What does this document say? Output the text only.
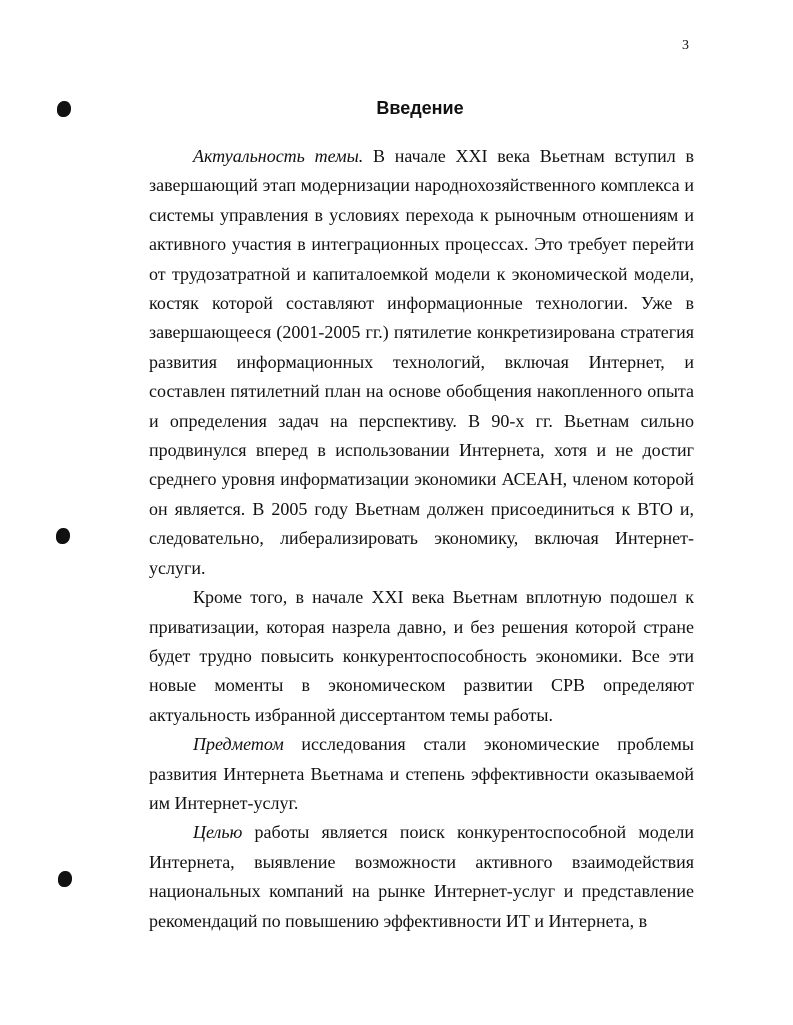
3
Введение

Актуальность темы. В начале XXI века Вьетнам вступил в завершающий этап модернизации народнохозяйственного комплекса и системы управления в условиях перехода к рыночным отношениям и активного участия в интеграционных процессах. Это требует перейти от трудозатратной и капиталоемкой модели к экономической модели, костяк которой составляют информационные технологии. Уже в завершающееся (2001-2005 гг.) пятилетие конкретизирована стратегия развития информационных технологий, включая Интернет, и составлен пятилетний план на основе обобщения накопленного опыта и определения задач на перспективу. В 90-х гг. Вьетнам сильно продвинулся вперед в использовании Интернета, хотя и не достиг среднего уровня информатизации экономики АСЕАН, членом которой он является. В 2005 году Вьетнам должен присоединиться к ВТО и, следовательно, либерализировать экономику, включая Интернет-услуги.

Кроме того, в начале XXI века Вьетнам вплотную подошел к приватизации, которая назрела давно, и без решения которой стране будет трудно повысить конкурентоспособность экономики. Все эти новые моменты в экономическом развитии СРВ определяют актуальность избранной диссертантом темы работы.

Предметом исследования стали экономические проблемы развития Интернета Вьетнама и степень эффективности оказываемой им Интернет-услуг.

Целью работы является поиск конкурентоспособной модели Интернета, выявление возможности активного взаимодействия национальных компаний на рынке Интернет-услуг и представление рекомендаций по повышению эффективности ИТ и Интернета, в
